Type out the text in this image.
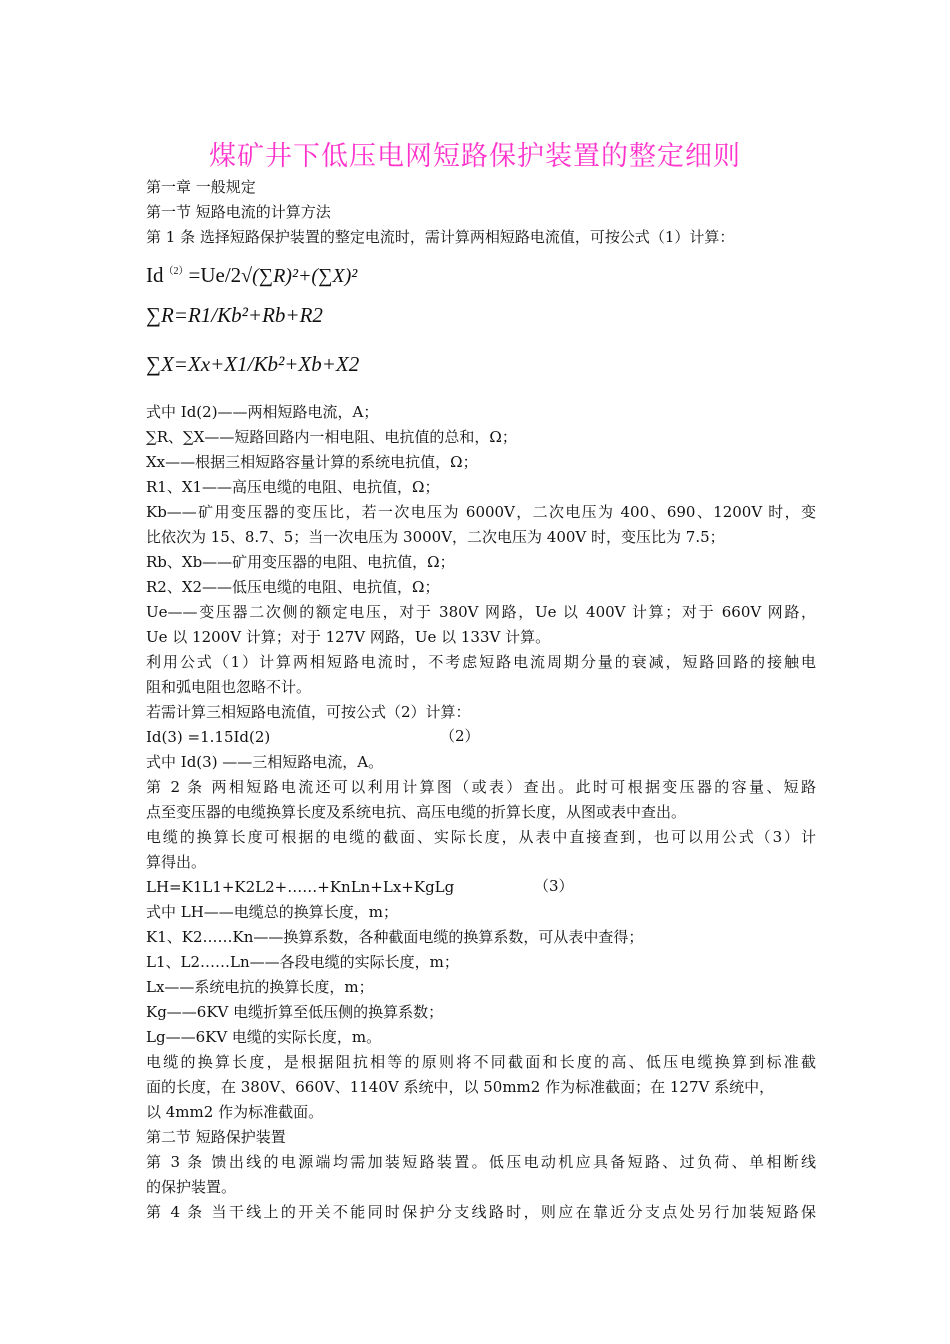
煤矿井下低压电网短路保护装置的整定细则
第一章 一般规定
第一节 短路电流的计算方法
第 1 条 选择短路保护装置的整定电流时，需计算两相短路电流值，可按公式（1）计算：
$Id^{(2)}=Ue/2√(\sum R)^2+(\sum X)^2$
∑R=R1/Kb²+Rb+R2
∑X=Xx+X1/Kb²+Xb+X2
式中 Id(2)——两相短路电流，A；
∑R、∑X——短路回路内一相电阻、电抗值的总和，Ω；
Xx——根据三相短路容量计算的系统电抗值，Ω；
R1、X1——高压电缆的电阻、电抗值，Ω；
Kb——矿用变压器的变压比，若一次电压为 6000V，二次电压为 400、690、1200V 时，变
比依次为 15、8.7、5；当一次电压为 3000V，二次电压为 400V 时，变压比为 7.5；
Rb、Xb——矿用变压器的电阻、电抗值，Ω；
R2、X2——低压电缆的电阻、电抗值，Ω；
Ue——变压器二次侧的额定电压，对于 380V 网路，Ue 以 400V 计算；对于 660V 网路，
Ue 以 1200V 计算；对于 127V 网路，Ue 以 133V 计算。
利用公式（1）计算两相短路电流时，不考虑短路电流周期分量的衰减，短路回路的接触电
阻和弧电阻也忽略不计。
若需计算三相短路电流值，可按公式（2）计算：
Id(3) =1.15Id(2)	（2）
式中 Id(3) ——三相短路电流，A。
第 2 条 两相短路电流还可以利用计算图（或表）查出。此时可根据变压器的容量、短路
点至变压器的电缆换算长度及系统电抗、高压电缆的折算长度，从图或表中查出。
电缆的换算长度可根据的电缆的截面、实际长度，从表中直接查到，也可以用公式（3）计
算得出。
LH=K1L1+K2L2+……+KnLn+Lx+KgLg	（3）
式中 LH——电缆总的换算长度，m；
K1、K2……Kn——换算系数，各种截面电缆的换算系数，可从表中查得；
L1、L2……Ln——各段电缆的实际长度，m；
Lx——系统电抗的换算长度，m；
Kg——6KV 电缆折算至低压侧的换算系数；
Lg——6KV 电缆的实际长度，m。
电缆的换算长度，是根据阻抗相等的原则将不同截面和长度的高、低压电缆换算到标准截
面的长度，在 380V、660V、1140V 系统中，以 50mm2 作为标准截面；在 127V 系统中，
以 4mm2 作为标准截面。
第二节 短路保护装置
第 3 条 馈出线的电源端均需加装短路装置。低压电动机应具备短路、过负荷、单相断线
的保护装置。
第 4 条 当干线上的开关不能同时保护分支线路时，则应在靠近分支点处另行加装短路保
